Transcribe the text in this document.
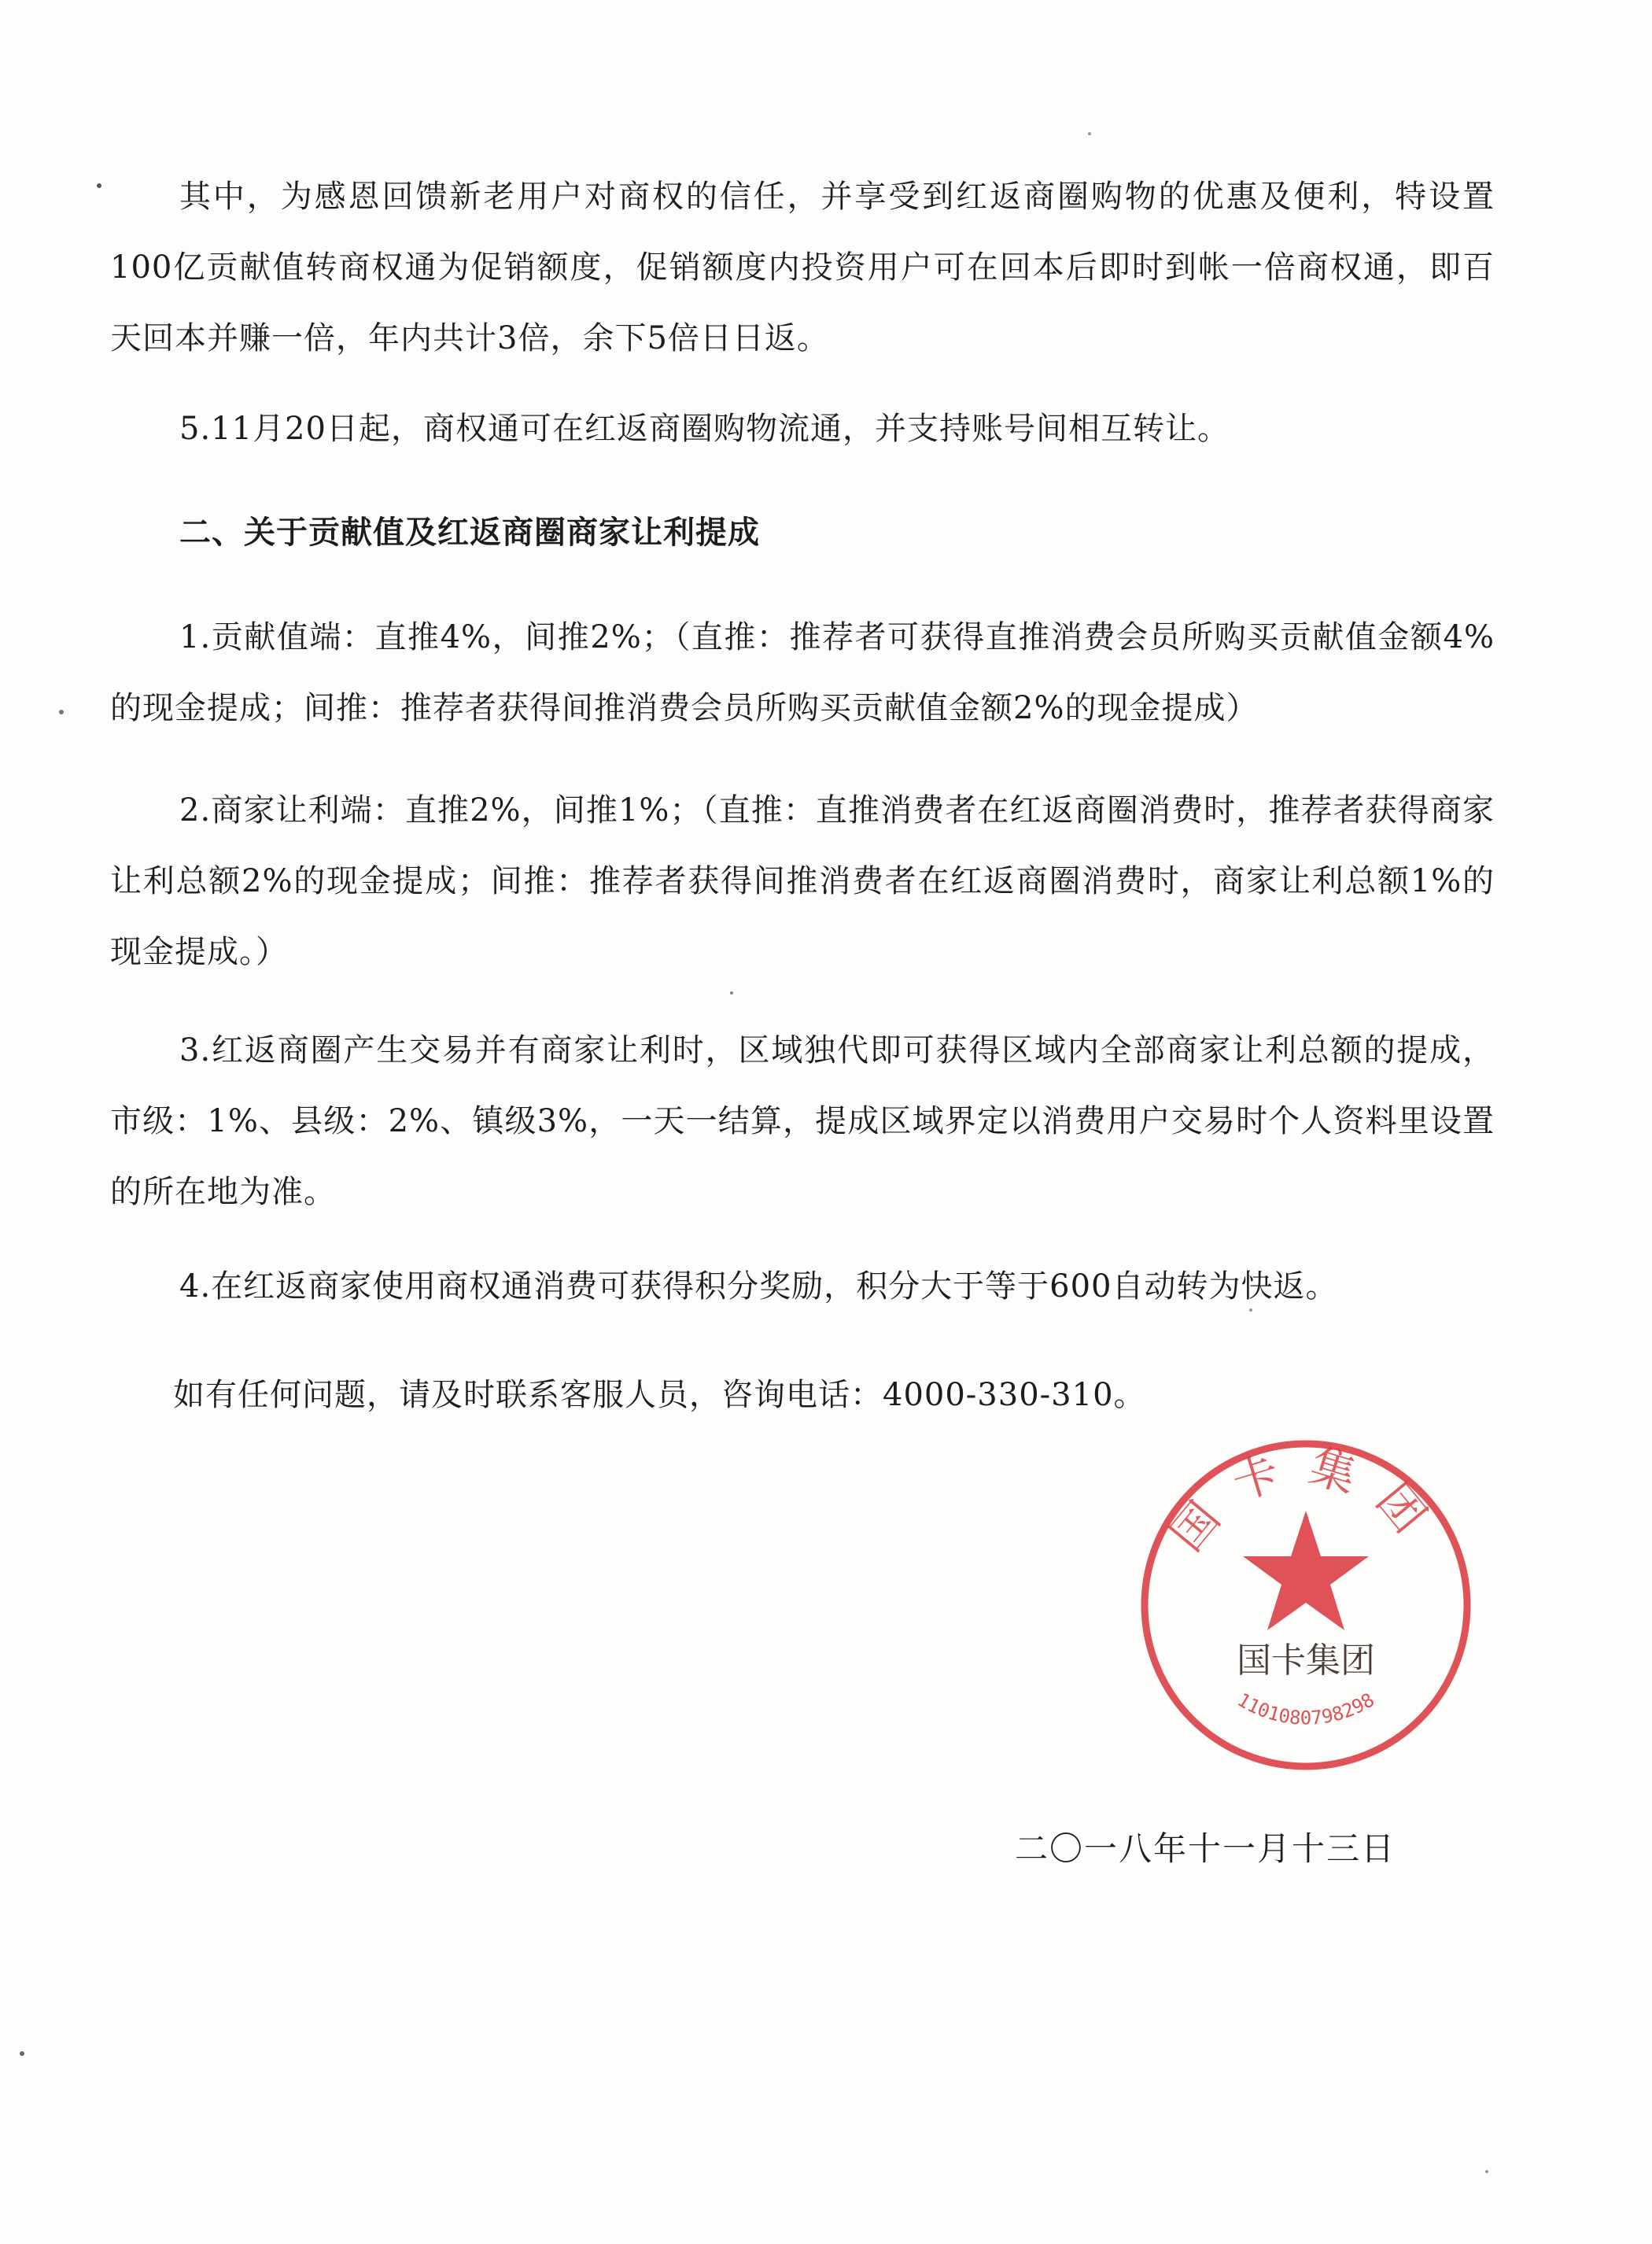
其中，为感恩回馈新老用户对商权的信任，并享受到红返商圈购物的优惠及便利，特设置100亿贡献值转商权通为促销额度，促销额度内投资用户可在回本后即时到帐一倍商权通，即百天回本并赚一倍，年内共计3倍，余下5倍日日返。
5.11月20日起，商权通可在红返商圈购物流通，并支持账号间相互转让。
二、关于贡献值及红返商圈商家让利提成
1.贡献值端：直推4%，间推2%；（直推：推荐者可获得直推消费会员所购买贡献值金额4%的现金提成；间推：推荐者获得间推消费会员所购买贡献值金额2%的现金提成）
2.商家让利端：直推2%，间推1%；（直推：直推消费者在红返商圈消费时，推荐者获得商家让利总额2%的现金提成；间推：推荐者获得间推消费者在红返商圈消费时，商家让利总额1%的现金提成。）
3.红返商圈产生交易并有商家让利时，区域独代即可获得区域内全部商家让利总额的提成，市级：1%、县级：2%、镇级3%，一天一结算，提成区域界定以消费用户交易时个人资料里设置的所在地为准。
4.在红返商家使用商权通消费可获得积分奖励，积分大于等于600自动转为快返。
如有任何问题，请及时联系客服人员，咨询电话：4000-330-310。
国卡集团
国卡集团
1101080798298
二〇一八年十一月十三日
